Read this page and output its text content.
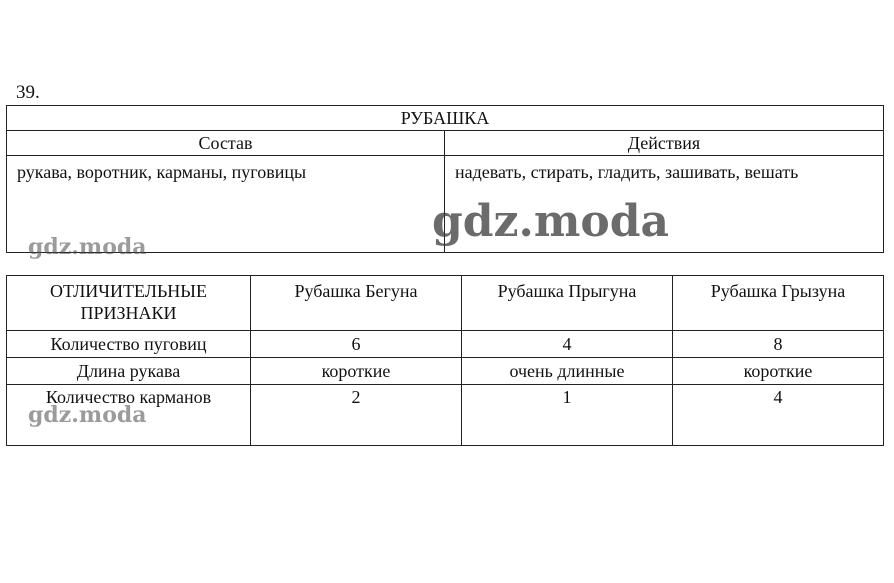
39.
РУБАШКА	
Состав	Действия
рукава, воротник, карманы, пуговицы	надевать, стирать, гладить, зашивать, вешать
ОТЛИЧИТЕЛЬНЫЕ ПРИЗНАКИ	Рубашка Бегуна	Рубашка Прыгуна	Рубашка Грызуна
Количество пуговиц	6	4	8
Длина рукава	короткие	очень длинные	короткие
Количество карманов	2	1	4
gdz.moda
gdz.moda
gdz.moda
